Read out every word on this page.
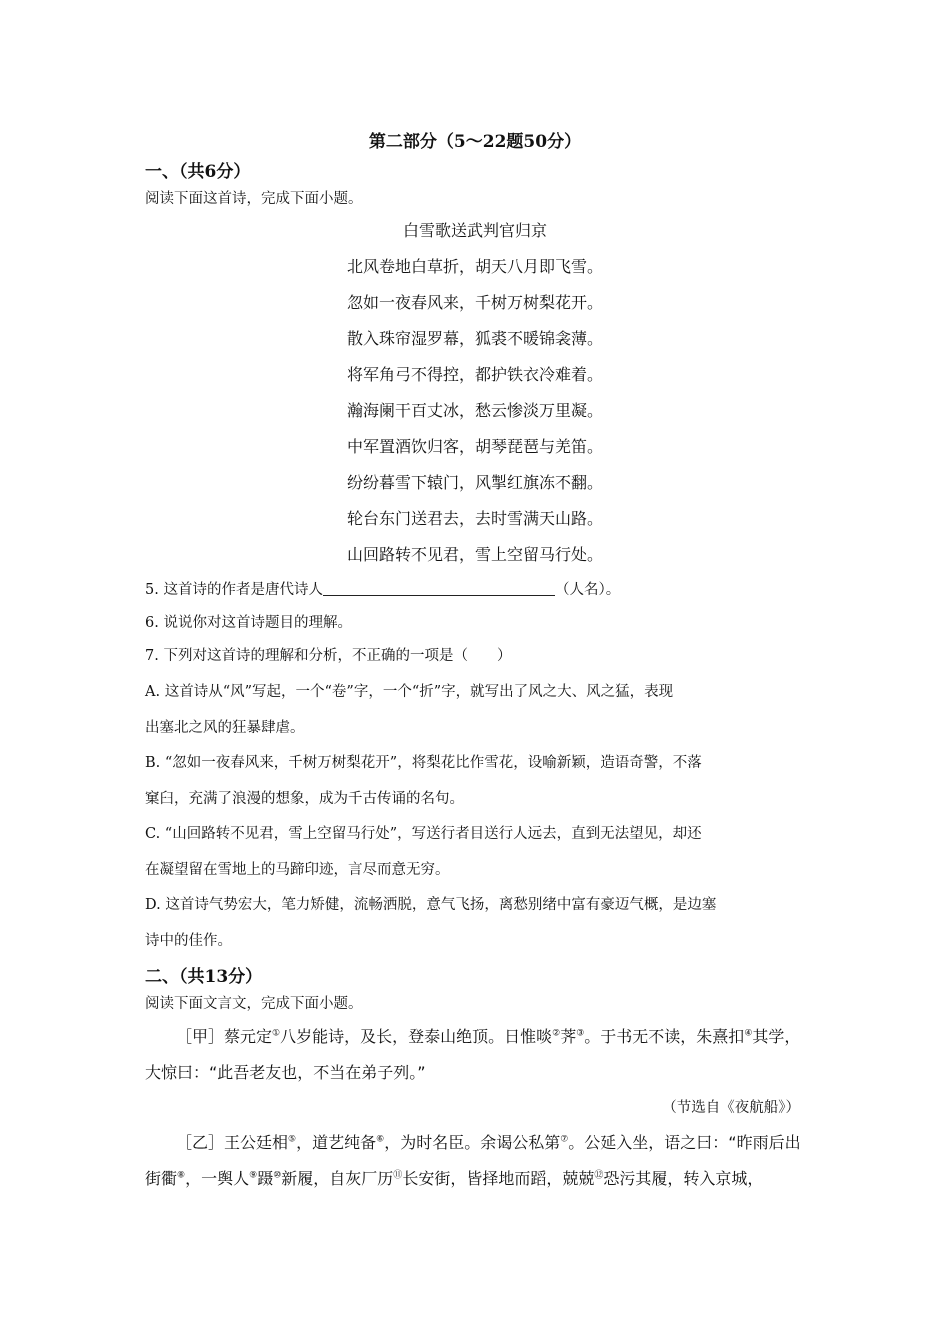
第二部分（5～22题50分）
一、（共6分）
阅读下面这首诗，完成下面小题。
白雪歌送武判官归京
北风卷地白草折，胡天八月即飞雪。
忽如一夜春风来，千树万树梨花开。
散入珠帘湿罗幕，狐裘不暖锦衾薄。
将军角弓不得控，都护铁衣冷难着。
瀚海阑干百丈冰，愁云惨淡万里凝。
中军置酒饮归客，胡琴琵琶与羌笛。
纷纷暮雪下辕门，风掣红旗冻不翻。
轮台东门送君去，去时雪满天山路。
山回路转不见君，雪上空留马行处。
5. 这首诗的作者是唐代诗人	（人名）。
6. 说说你对这首诗题目的理解。
7. 下列对这首诗的理解和分析，不正确的一项是（　　）
A. 这首诗从“风”写起，一个“卷”字，一个“折”字，就写出了风之大、风之猛，表现
出塞北之风的狂暴肆虐。
B. “忽如一夜春风来，千树万树梨花开”，将梨花比作雪花，设喻新颖，造语奇警，不落
窠臼，充满了浪漫的想象，成为千古传诵的名句。
C. “山回路转不见君，雪上空留马行处”，写送行者目送行人远去，直到无法望见，却还
在凝望留在雪地上的马蹄印迹，言尽而意无穷。
D. 这首诗气势宏大，笔力矫健，流畅洒脱，意气飞扬，离愁别绪中富有豪迈气概，是边塞
诗中的佳作。
二、（共13分）
阅读下面文言文，完成下面小题。
［甲］蔡元定①八岁能诗，及长，登泰山绝顶。日惟啖②荠③。于书无不读，朱熹扣④其学，
大惊曰：“此吾老友也，不当在弟子列。”
（节选自《夜航船》）
［乙］王公廷相⑤，道艺纯备⑥，为时名臣。余谒公私第⑦。公延入坐，语之曰：“昨雨后出
街衢⑧，一舆人⑨蹑⑩新履，自灰厂历⑪长安街，皆择地而蹈，兢兢⑫恐污其履，转入京城，
